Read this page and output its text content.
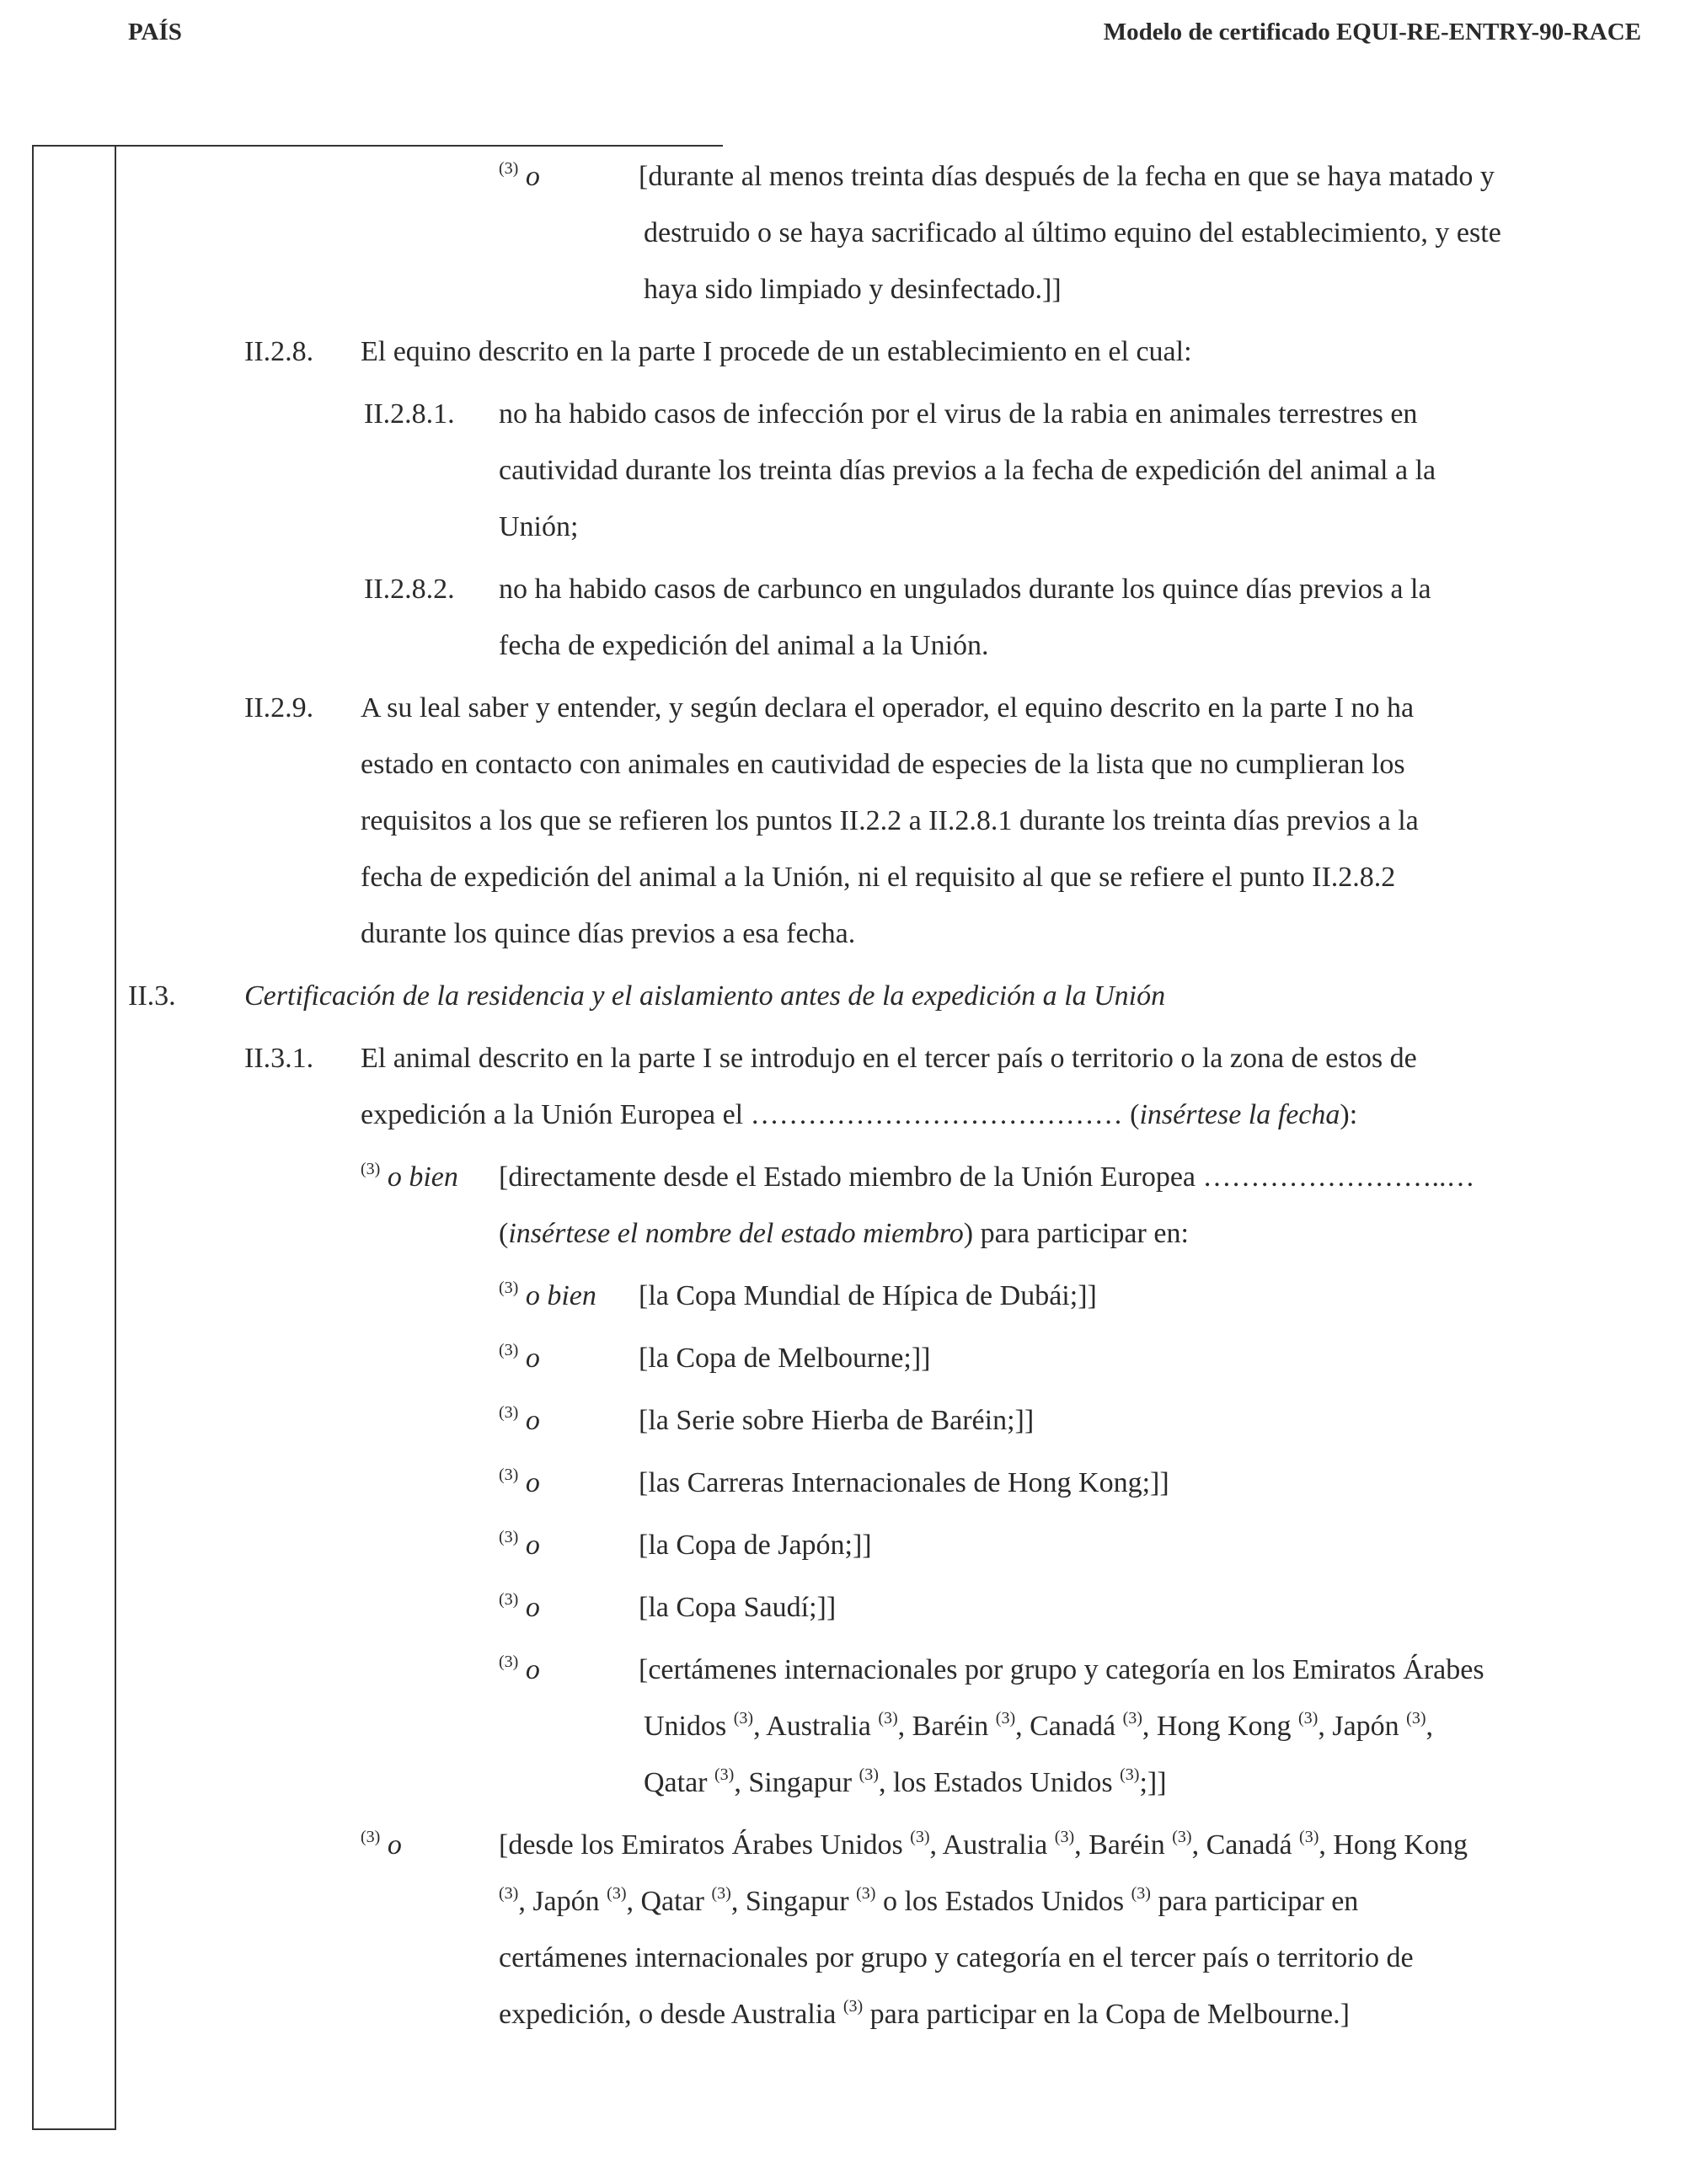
PAÍS	Modelo de certificado EQUI-RE-ENTRY-90-RACE
$^{(3)}$ o	[durante al menos treinta días después de la fecha en que se haya matado y
destruido o se haya sacrificado al último equino del establecimiento, y este
haya sido limpiado y desinfectado.]]
II.2.8. El equino descrito en la parte I procede de un establecimiento en el cual:
II.2.8.1. no ha habido casos de infección por el virus de la rabia en animales terrestres en
cautividad durante los treinta días previos a la fecha de expedición del animal a la
Unión;
II.2.8.2. no ha habido casos de carbunco en ungulados durante los quince días previos a la
fecha de expedición del animal a la Unión.
II.2.9. A su leal saber y entender, y según declara el operador, el equino descrito en la parte I no ha
estado en contacto con animales en cautividad de especies de la lista que no cumplieran los
requisitos a los que se refieren los puntos II.2.2 a II.2.8.1 durante los treinta días previos a la
fecha de expedición del animal a la Unión, ni el requisito al que se refiere el punto II.2.8.2
durante los quince días previos a esa fecha.
II.3. Certificación de la residencia y el aislamiento antes de la expedición a la Unión
II.3.1. El animal descrito en la parte I se introdujo en el tercer país o territorio o la zona de estos de
expedición a la Unión Europea el ………………………………… (insértese la fecha):
$^{(3)}$ o bien [directamente desde el Estado miembro de la Unión Europea ……………………..…
(insértese el nombre del estado miembro) para participar en:
$^{(3)}$ o bien [la Copa Mundial de Hípica de Dubái;]]
$^{(3)}$ o	[la Copa de Melbourne;]]
$^{(3)}$ o	[la Serie sobre Hierba de Baréin;]]
$^{(3)}$ o	[las Carreras Internacionales de Hong Kong;]]
$^{(3)}$ o	[la Copa de Japón;]]
$^{(3)}$ o	[la Copa Saudí;]]
$^{(3)}$ o	[certámenes internacionales por grupo y categoría en los Emiratos Árabes
Unidos $^{(3)}$, Australia $^{(3)}$, Baréin $^{(3)}$, Canadá $^{(3)}$, Hong Kong $^{(3)}$, Japón $^{(3)}$,
Qatar $^{(3)}$, Singapur $^{(3)}$, los Estados Unidos $^{(3)}$;]]
$^{(3)}$ o	[desde los Emiratos Árabes Unidos $^{(3)}$, Australia $^{(3)}$, Baréin $^{(3)}$, Canadá $^{(3)}$, Hong Kong
$^{(3)}$, Japón $^{(3)}$, Qatar $^{(3)}$, Singapur $^{(3)}$ o los Estados Unidos $^{(3)}$ para participar en
certámenes internacionales por grupo y categoría en el tercer país o territorio de
expedición, o desde Australia $^{(3)}$ para participar en la Copa de Melbourne.]
